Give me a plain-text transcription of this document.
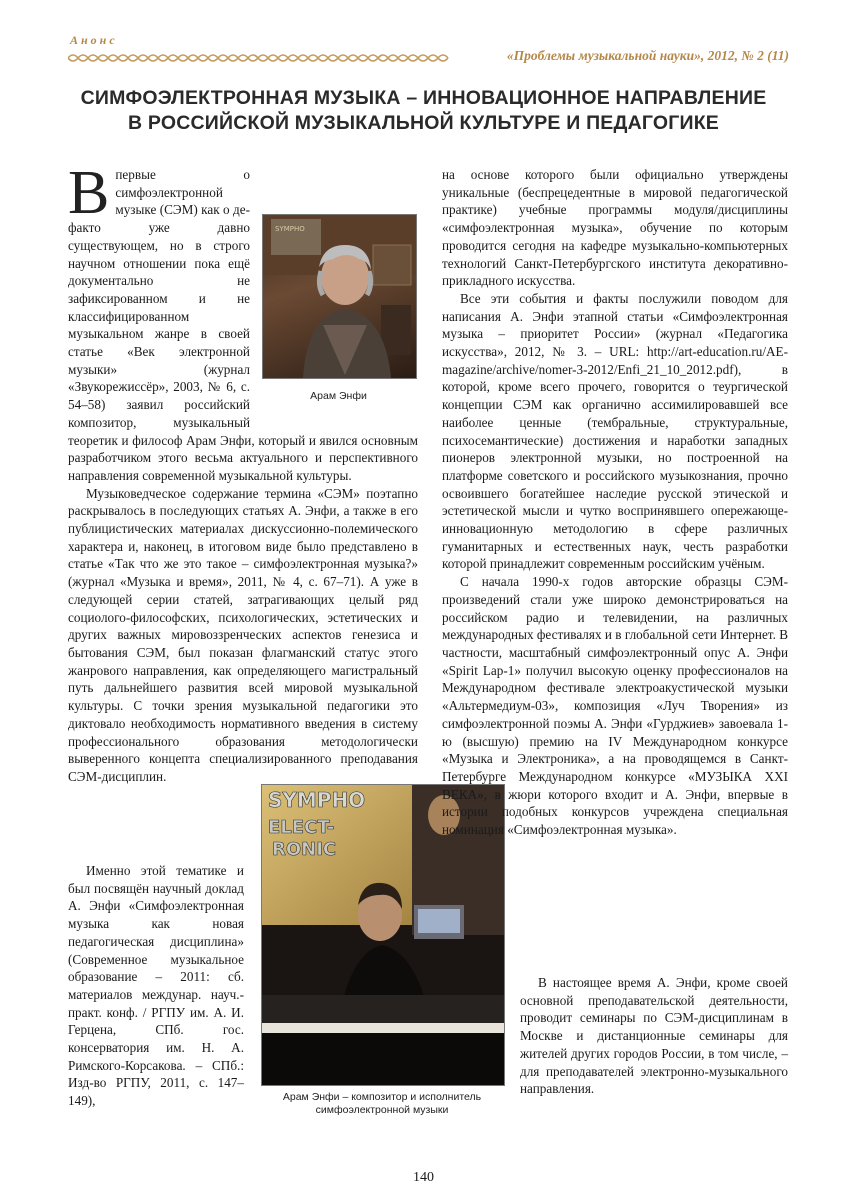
Анонс
«Проблемы музыкальной науки», 2012, № 2 (11)
СИМФОЭЛЕКТРОННАЯ МУЗЫКА – ИННОВАЦИОННОЕ НАПРАВЛЕНИЕ
В РОССИЙСКОЙ МУЗЫКАЛЬНОЙ КУЛЬТУРЕ И ПЕДАГОГИКЕ

Впервые о симфоэлектронной музыке (СЭМ) как о де-факто уже давно существующем, но в строго научном отношении пока ещё документально не зафиксированном и не классифицированном музыкальном жанре в своей статье «Век электронной музыки» (журнал «Звукорежиссёр», 2003, № 6, с. 54–58) заявил российский композитор, музыкальный теоретик и философ Арам Энфи, который и явился основным разработчиком этого весьма актуального и перспективного направления современной музыкальной культуры.

Музыковедческое содержание термина «СЭМ» поэтапно раскрывалось в последующих статьях А. Энфи, а также в его публицистических материалах дискуссионно-полемического характера и, наконец, в итоговом виде было представлено в статье «Так что же это такое – симфоэлектронная музыка?» (журнал «Музыка и время», 2011, № 4, с. 67–71). А уже в следующей серии статей, затрагивающих целый ряд социолого-философских, психологических, эстетических и других важных мировоззренческих аспектов генезиса и бытования СЭМ, был показан флагманский статус этого жанрового направления, как определяющего магистральный путь дальнейшего развития всей мировой музыкальной культуры. С точки зрения музыкальной педагогики это диктовало необходимость нормативного введения в систему профессионального образования методологически выверенного концепта специализированного преподавания СЭМ-дисциплин.

Именно этой тематике и был посвящён научный доклад А. Энфи «Симфоэлектронная музыка как новая педагогическая дисциплина» (Современное музыкальное образование – 2011: сб. материалов междунар. науч.-практ. конф. / РГПУ им. А. И. Герцена, СПб. гос. консерватория им. Н. А. Римского-Корсакова. – СПб.: Изд-во РГПУ, 2011, с. 147–149),

SYMPHO
Арам Энфи
SYMPHO
ELECT-
RONIC
Арам Энфи – композитор и исполнитель
симфоэлектронной музыки

на основе которого были официально утверждены уникальные (беспрецедентные в мировой педагогической практике) учебные программы модуля/дисциплины «симфоэлектронная музыка», обучение по которым проводится сегодня на кафедре музыкально-компьютерных технологий Санкт-Петербургского института декоративно-прикладного искусства.

Все эти события и факты послужили поводом для написания А. Энфи этапной статьи «Симфоэлектронная музыка – приоритет России» (журнал «Педагогика искусства», 2012, № 3. – URL: http://art-education.ru/AE-magazine/archive/nomer-3-2012/Enfi_21_10_2012.pdf), в которой, кроме всего прочего, говорится о теургической концепции СЭМ как органично ассимилировавшей все наиболее ценные (тембральные, структуральные, психосемантические) достижения и наработки западных пионеров электронной музыки, но построенной на платформе советского и российского музыкознания, прочно освоившего богатейшее наследие русской этической и эстетической мысли и чутко воспринявшего опережающе-инновационную методологию в сфере различных гуманитарных и естественных наук, честь разработки которой принадлежит современным российским учёным.

С начала 1990-х годов авторские образцы СЭМ-произведений стали уже широко демонстрироваться на российском радио и телевидении, на различных международных фестивалях и в глобальной сети Интернет. В частности, масштабный симфоэлектронный опус А. Энфи «Spirit Lap-1» получил высокую оценку профессионалов на Международном фестивале электроакустической музыки «Альтермедиум-03», композиция «Луч Творения» из симфоэлектронной поэмы А. Энфи «Гурджиев» завоевала 1-ю (высшую) премию на IV Международном конкурсе «Музыка и Электроника», а на проводящемся в Санкт-Петербурге Международном конкурсе «МУЗЫКА XXI ВЕКА», в жюри которого входит и А. Энфи, впервые в истории подобных конкурсов учреждена специальная номинация «Симфоэлектронная музыка».

В настоящее время А. Энфи, кроме своей основной преподавательской деятельности, проводит семинары по СЭМ-дисциплинам в Москве и дистанционные семинары для жителей других городов России, в том числе, – для преподавателей электронно-музыкального направления.

140
